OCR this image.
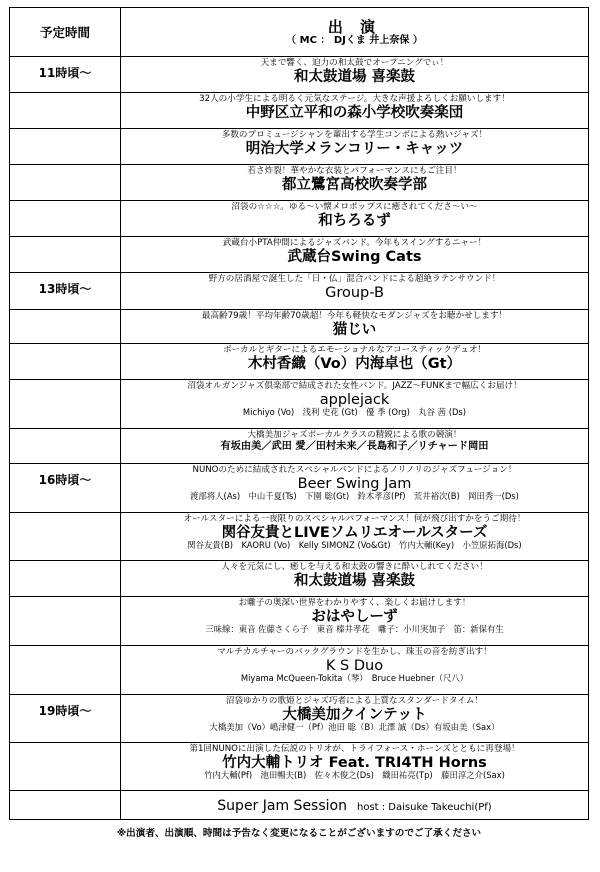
予定時間	出 演
（ MC ： DJくま 井上奈保 ）

11時頃～	天まで響く、迫力の和太鼓でオープニングでぃ！
和太鼓道場 喜楽鼓

	32人の小学生による明るく元気なステージ。大きな声援よろしくお願いします！
中野区立平和の森小学校吹奏楽団

	多数のプロミュージシャンを輩出する学生コンボによる熱いジャズ！
明治大学メランコリー・キャッツ

	若さ炸裂！華やかな衣装とパフォーマンスにもご注目！
都立鷺宮高校吹奏学部

	沼袋の☆☆☆。ゆる～い懐メロポップスに癒されてくださ～い～
和ちろるず

	武蔵台小PTA仲間によるジャズバンド。今年もスイングするニャー！
武蔵台Swing Cats

13時頃～	野方の居酒屋で誕生した「日・仏」混合バンドによる超絶ラテンサウンド！
Group-B

	最高齢79歳！平均年齢70歳超！今年も軽快なモダンジャズをお聴かせします！
猫じい

	ボーカルとギターによるエモーショナルなアコースティックデュオ！
木村香織（Vo）内海卓也（Gt）

	沼袋オルガンジャズ倶楽部で結成された女性バンド。JAZZ～FUNKまで幅広くお届け！
applejack
Michiyo (Vo)　浅利 史花 (Gt)　優 季 (Org)　丸谷 茜 (Ds)

	大橋美加ジャズボーカルクラスの精鋭による歌の競演！
有坂由美／武田 愛／田村未来／長島和子／リチャード岡田

16時頃～	NUNOのために結成されたスペシャルバンドによるノリノリのジャズフュージョン！
Beer Swing Jam
渡部将人(As)　中山千夏(Ts)　下園 聡(Gt)　鈴木孝彦(Pf)　荒井裕次(B)　岡田秀一(Ds)

	オールスターによる一夜限りのスペシャルパフォーマンス！何が飛び出すかをうご期待！
関谷友貴とLIVEソムリエオールスターズ
関谷友貴(B)　KAORU (Vo)　Kelly SIMONZ (Vo&Gt)　竹内大輔(Key)　小笠原拓海(Ds)

	人々を元気にし、癒しを与える和太鼓の響きに酔いしれてください！
和太鼓道場 喜楽鼓

	お囃子の奥深い世界をわかりやすく、楽しくお届けします！
おはやしーず
三味線：東音 佐藤さくら子　東音 榛井孝花　囃子：小川実加子　笛：新保有生

	マルチカルチャーのバックグラウンドを生かし、珠玉の音を紡ぎ出す！
K S Duo
Miyama McQueen-Tokita（琴）　Bruce Huebner（尺八）

19時頃～	沼袋ゆかりの歌姫とジャズ巧者による上質なスタンダードタイム！
大橋美加クインテット
大橋美加（Vo）嶋津健一（Pf）池田 聡（B）北澤 誠（Ds）有坂由美（Sax）

	第1回NUNOに出演した伝説のトリオが、トライフォース・ホーンズとともに再登場！
竹内大輔トリオ Feat. TRI4TH Horns
竹内大輔(Pf)　池田暢夫(B)　佐々木俊之(Ds)　織田祐亮(Tp)　藤田淳之介(Sax)

	Super Jam Session host : Daisuke Takeuchi(Pf)
※出演者、出演順、時間は予告なく変更になることがございますのでご了承ください
